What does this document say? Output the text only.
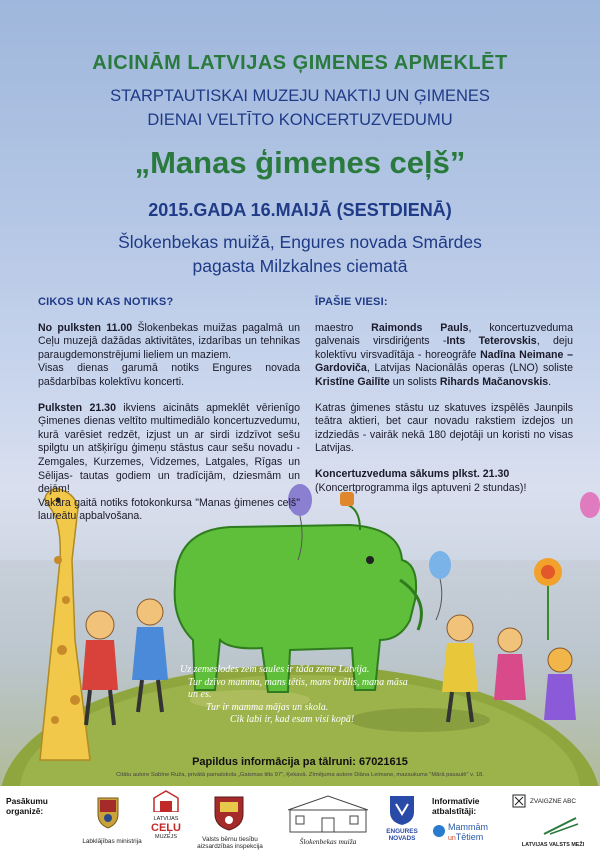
AICINĀM LATVIJAS ĢIMENES APMEKLĒT
STARPTAUTISKAI MUZEJU NAKTIJ UN ĢIMENES
DIENAI VELTĪTO KONCERTUZVEDUMU
„Manas ģimenes ceļš”
2015.GADA 16.MAIJĀ (SESTDIENĀ)
Šlokenbekas muižā, Engures novada Smārdes
pagasta Milzkalnes ciematā
CIKOS UN KAS NOTIKS?

No pulksten 11.00 Šlokenbekas muižas pagalmā un Ceļu muzejā dažādas aktivitātes, izdarības un tehnikas paraugdemonstrējumi lieliem un maziem.

Visas dienas garumā notiks Engures novada pašdarbības kolektīvu koncerti.

Pulksten 21.30 ikviens aicināts apmeklēt vērienīgo Ģimenes dienas veltīto multimediālo koncertuzvedumu, kurā varēsiet redzēt, izjust un ar sirdi izdzīvot sešu spilgtu un atšķirīgu ģimeņu stāstus caur sešu novadu - Zemgales, Kurzemes, Vidzemes, Latgales, Rīgas un Sēlijas- tautas godiem un tradīcijām, dziesmām un dejām!

Vakara gaitā notiks fotokonkursa "Manas ģimenes ceļš" laureātu apbalvošana.

ĪPAŠIE VIESI:

maestro Raimonds Pauls, koncertuzveduma galvenais virsdiriģents -Ints Teterovskis, deju kolektīvu virsvadītāja - horeogrāfe Nadīna Neimane – Gardoviča, Latvijas Nacionālās operas (LNO) soliste Kristīne Gailīte un solists Rihards Mačanovskis.

Katras ģimenes stāstu uz skatuves izspēlēs Jaunpils teātra aktieri, bet caur novadu rakstiem izdejos un izdziedās - vairāk nekā 180 dejotāji un koristi no visas Latvijas.

Koncertuzveduma sākums plkst. 21.30
(Koncertprogramma ilgs aptuveni 2 stundas)!

Uz zemeslodes zem saules ir tāda zeme Latvija.
Tur dzīvo mamma, mans tētis, mans brālis, mana māsa un es.
Tur ir mamma mājas un skola.
Cik labi ir, kad esam visi kopā!
Papildus informācija pa tālruni: 67021615
Citātu autore Sabīne Ruža, privātā pamatskola „Gaismas tilts 97”, Ķekavā. Zīmējuma autore Diāna Leimane, mazaukums "Mārā pasaulē" v. 18.
Pasākumu
organizē:
Labklājības ministrija
LATVIJAS
CEĻU
MUZEJS	Valsts bērnu tiesību
aizsardzības inspekcija
Šlokenbekas muiža
ENGURES
NOVADS
Informatīvie
atbalstītāji:
Mammām
unTētiem
ZVAIGZNE ABC
LATVIJAS VALSTS MEŽI
